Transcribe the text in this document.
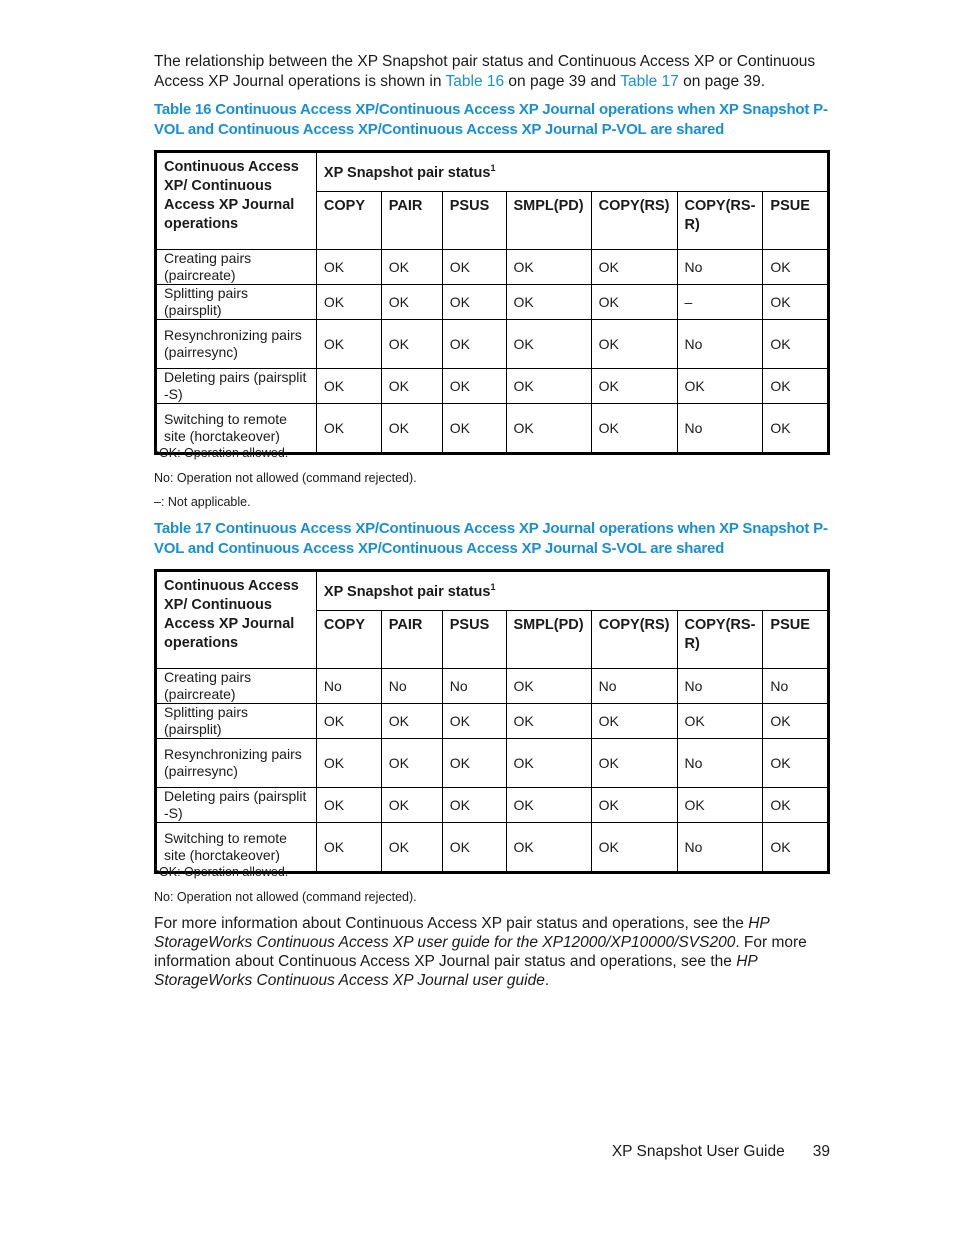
The relationship between the XP Snapshot pair status and Continuous Access XP or Continuous Access XP Journal operations is shown in Table 16 on page 39 and Table 17 on page 39.

Table 16 Continuous Access XP/Continuous Access XP Journal operations when XP Snapshot P-VOL and Continuous Access XP/Continuous Access XP Journal P-VOL are shared

Continuous Access XP/ Continuous Access XP Journal operations	XP Snapshot pair status$^1$
	COPY	PAIR	PSUS	SMPL(PD)	COPY(RS)	COPY(RS-R)	PSUE
Creating pairs (paircreate)	OK	OK	OK	OK	OK	No	OK
Splitting pairs (pairsplit)	OK	OK	OK	OK	OK	–	OK
Resynchronizing pairs (pairresync)	OK	OK	OK	OK	OK	No	OK
Deleting pairs (pairsplit -S)	OK	OK	OK	OK	OK	OK	OK
Switching to remote site (horctakeover)	OK	OK	OK	OK	OK	No	OK

$^1$OK: Operation allowed.

No: Operation not allowed (command rejected).

–: Not applicable.

Table 17 Continuous Access XP/Continuous Access XP Journal operations when XP Snapshot P-VOL and Continuous Access XP/Continuous Access XP Journal S-VOL are shared

Continuous Access XP/ Continuous Access XP Journal operations	XP Snapshot pair status$^1$
	COPY	PAIR	PSUS	SMPL(PD)	COPY(RS)	COPY(RS-R)	PSUE
Creating pairs (paircreate)	No	No	No	OK	No	No	No
Splitting pairs (pairsplit)	OK	OK	OK	OK	OK	OK	OK
Resynchronizing pairs (pairresync)	OK	OK	OK	OK	OK	No	OK
Deleting pairs (pairsplit -S)	OK	OK	OK	OK	OK	OK	OK
Switching to remote site (horctakeover)	OK	OK	OK	OK	OK	No	OK

$^1$OK: Operation allowed.

No: Operation not allowed (command rejected).

For more information about Continuous Access XP pair status and operations, see the HP StorageWorks Continuous Access XP user guide for the XP12000/XP10000/SVS200. For more information about Continuous Access XP Journal pair status and operations, see the HP StorageWorks Continuous Access XP Journal user guide.

XP Snapshot User Guide 39
